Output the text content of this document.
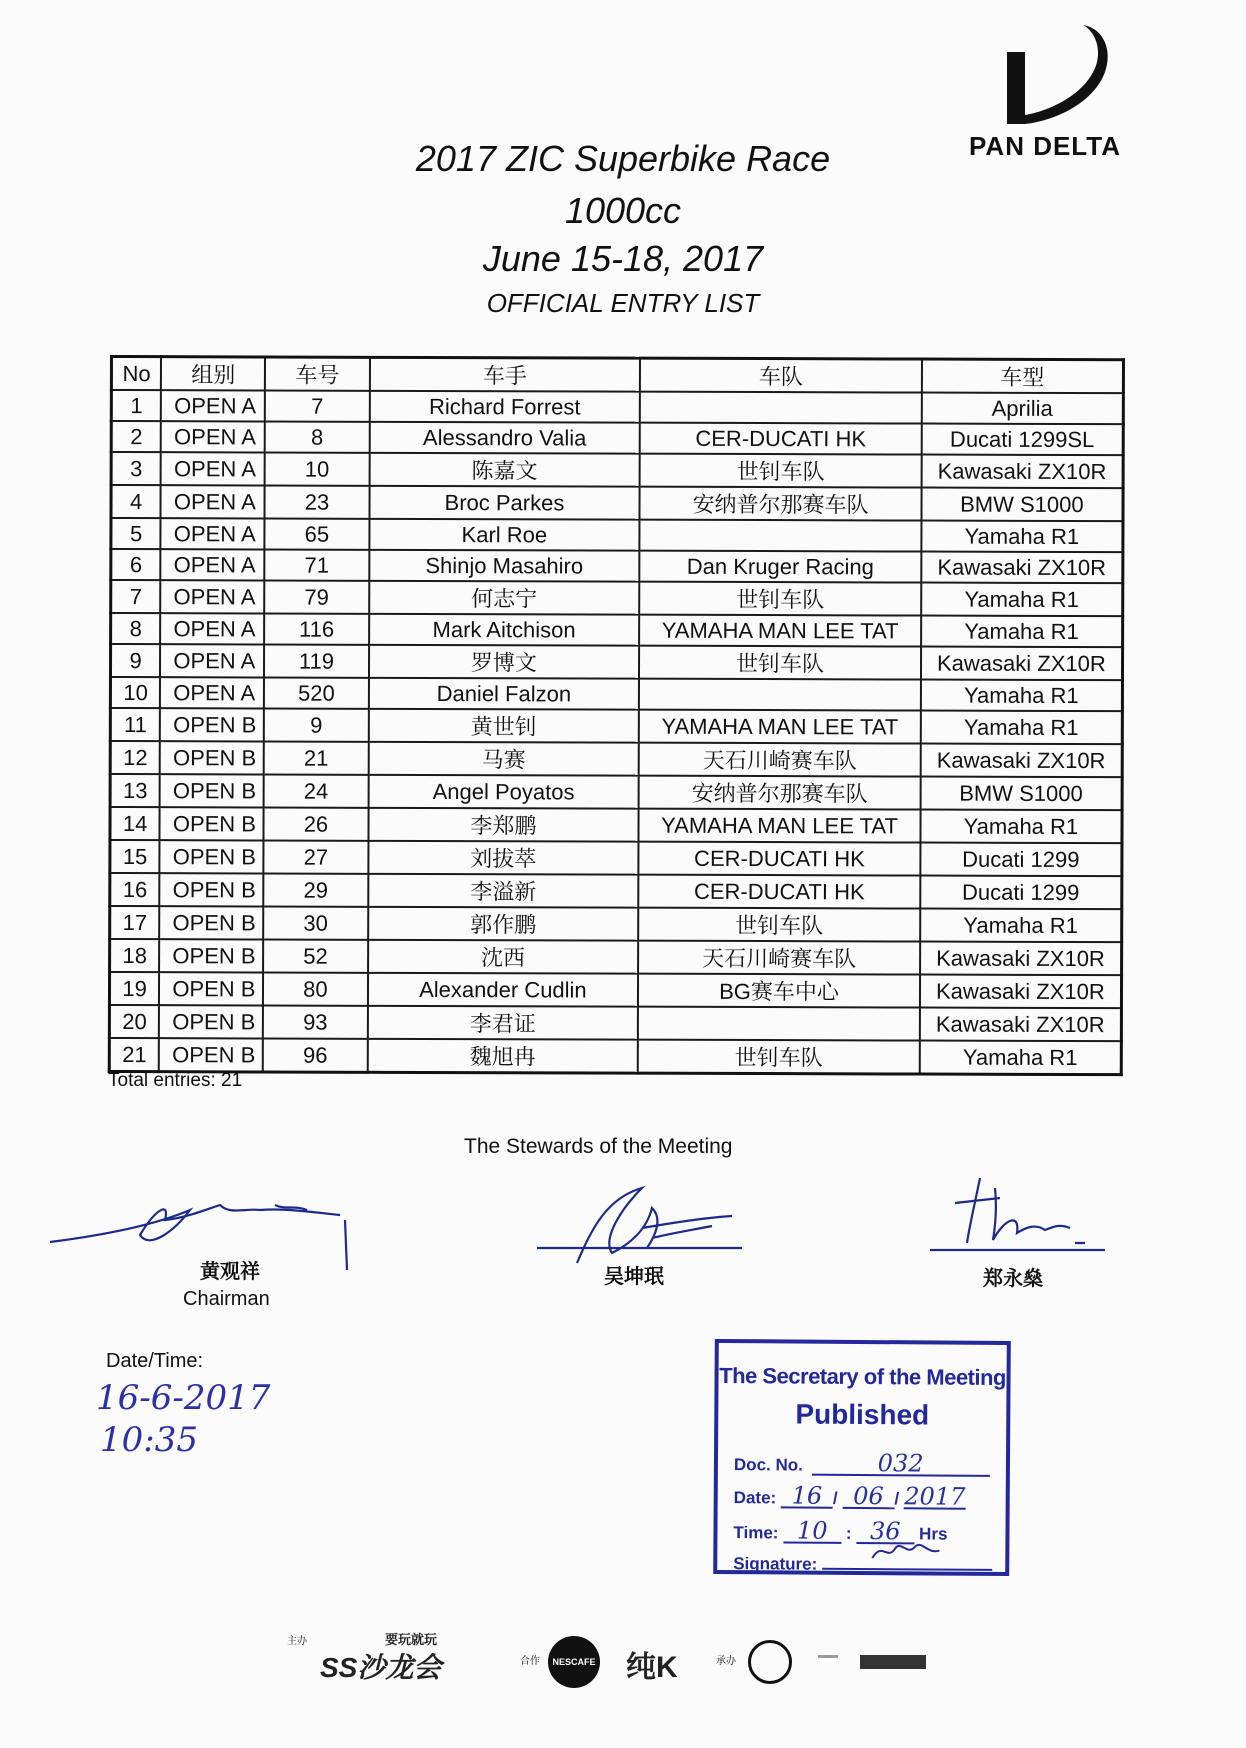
PAN DELTA
2017 ZIC Superbike Race
1000cc
June 15-18, 2017
OFFICIAL ENTRY LIST
No	组别	车号	车手	车队	车型
1	OPEN A	7	Richard Forrest		Aprilia
2	OPEN A	8	Alessandro Valia	CER-DUCATI HK	Ducati 1299SL
3	OPEN A	10	陈嘉文	世钊车队	Kawasaki ZX10R
4	OPEN A	23	Broc Parkes	安纳普尔那赛车队	BMW S1000
5	OPEN A	65	Karl Roe		Yamaha R1
6	OPEN A	71	Shinjo Masahiro	Dan Kruger Racing	Kawasaki ZX10R
7	OPEN A	79	何志宁	世钊车队	Yamaha R1
8	OPEN A	116	Mark Aitchison	YAMAHA MAN LEE TAT	Yamaha R1
9	OPEN A	119	罗博文	世钊车队	Kawasaki ZX10R
10	OPEN A	520	Daniel Falzon		Yamaha R1
11	OPEN B	9	黄世钊	YAMAHA MAN LEE TAT	Yamaha R1
12	OPEN B	21	马赛	天石川崎赛车队	Kawasaki ZX10R
13	OPEN B	24	Angel Poyatos	安纳普尔那赛车队	BMW S1000
14	OPEN B	26	李郑鹏	YAMAHA MAN LEE TAT	Yamaha R1
15	OPEN B	27	刘拔萃	CER-DUCATI HK	Ducati 1299
16	OPEN B	29	李溢新	CER-DUCATI HK	Ducati 1299
17	OPEN B	30	郭作鹏	世钊车队	Yamaha R1
18	OPEN B	52	沈西	天石川崎赛车队	Kawasaki ZX10R
19	OPEN B	80	Alexander Cudlin	BG赛车中心	Kawasaki ZX10R
20	OPEN B	93	李君证		Kawasaki ZX10R
21	OPEN B	96	魏旭冉	世钊车队	Yamaha R1
Total entries: 21
The Stewards of the Meeting
黄观祥
Chairman
吴坤珉	郑永燊
Date/Time:
16-6-2017
10:35
The Secretary of the Meeting
Published
Doc. No.	032
Date: 16 / 06 / 2017
Time: 10 : 36 Hrs
Signature:
主办	要玩就玩
SS沙龙会	合作	NESCAFE 纯K	承办
